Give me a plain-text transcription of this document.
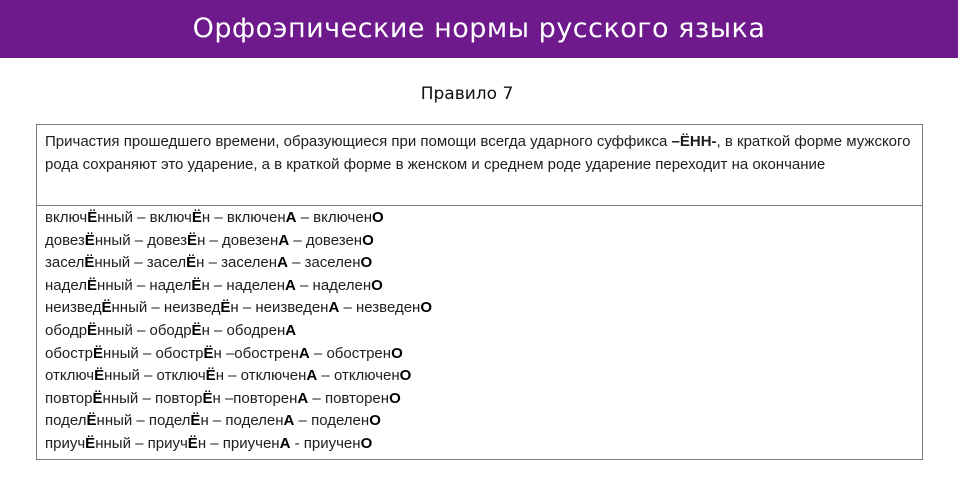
Орфоэпические нормы русского языка
Правило 7
Причастия прошедшего времени, образующиеся при помощи всегда ударного суффикса –ЁНН-, в краткой форме мужского рода сохраняют это ударение, а в краткой форме в женском и среднем роде ударение переходит на окончание
включЁнный – включЁн – включенА – включенО
довезЁнный – довезЁн – довезенА – довезенО
заселЁнный – заселЁн – заселенА – заселенО
наделЁнный – наделЁн – наделенА – наделенО
неизведЁнный – неизведЁн – неизведенА – незведенО
ободрЁнный – ободрЁн – ободренА
обострЁнный – обострЁн –обостренА – обостренО
отключЁнный – отключЁн – отключенА – отключенО
повторЁнный – повторЁн –повторенА – повторенО
поделЁнный – поделЁн – поделенА – поделенО
приучЁнный – приучЁн – приученА - приученО
